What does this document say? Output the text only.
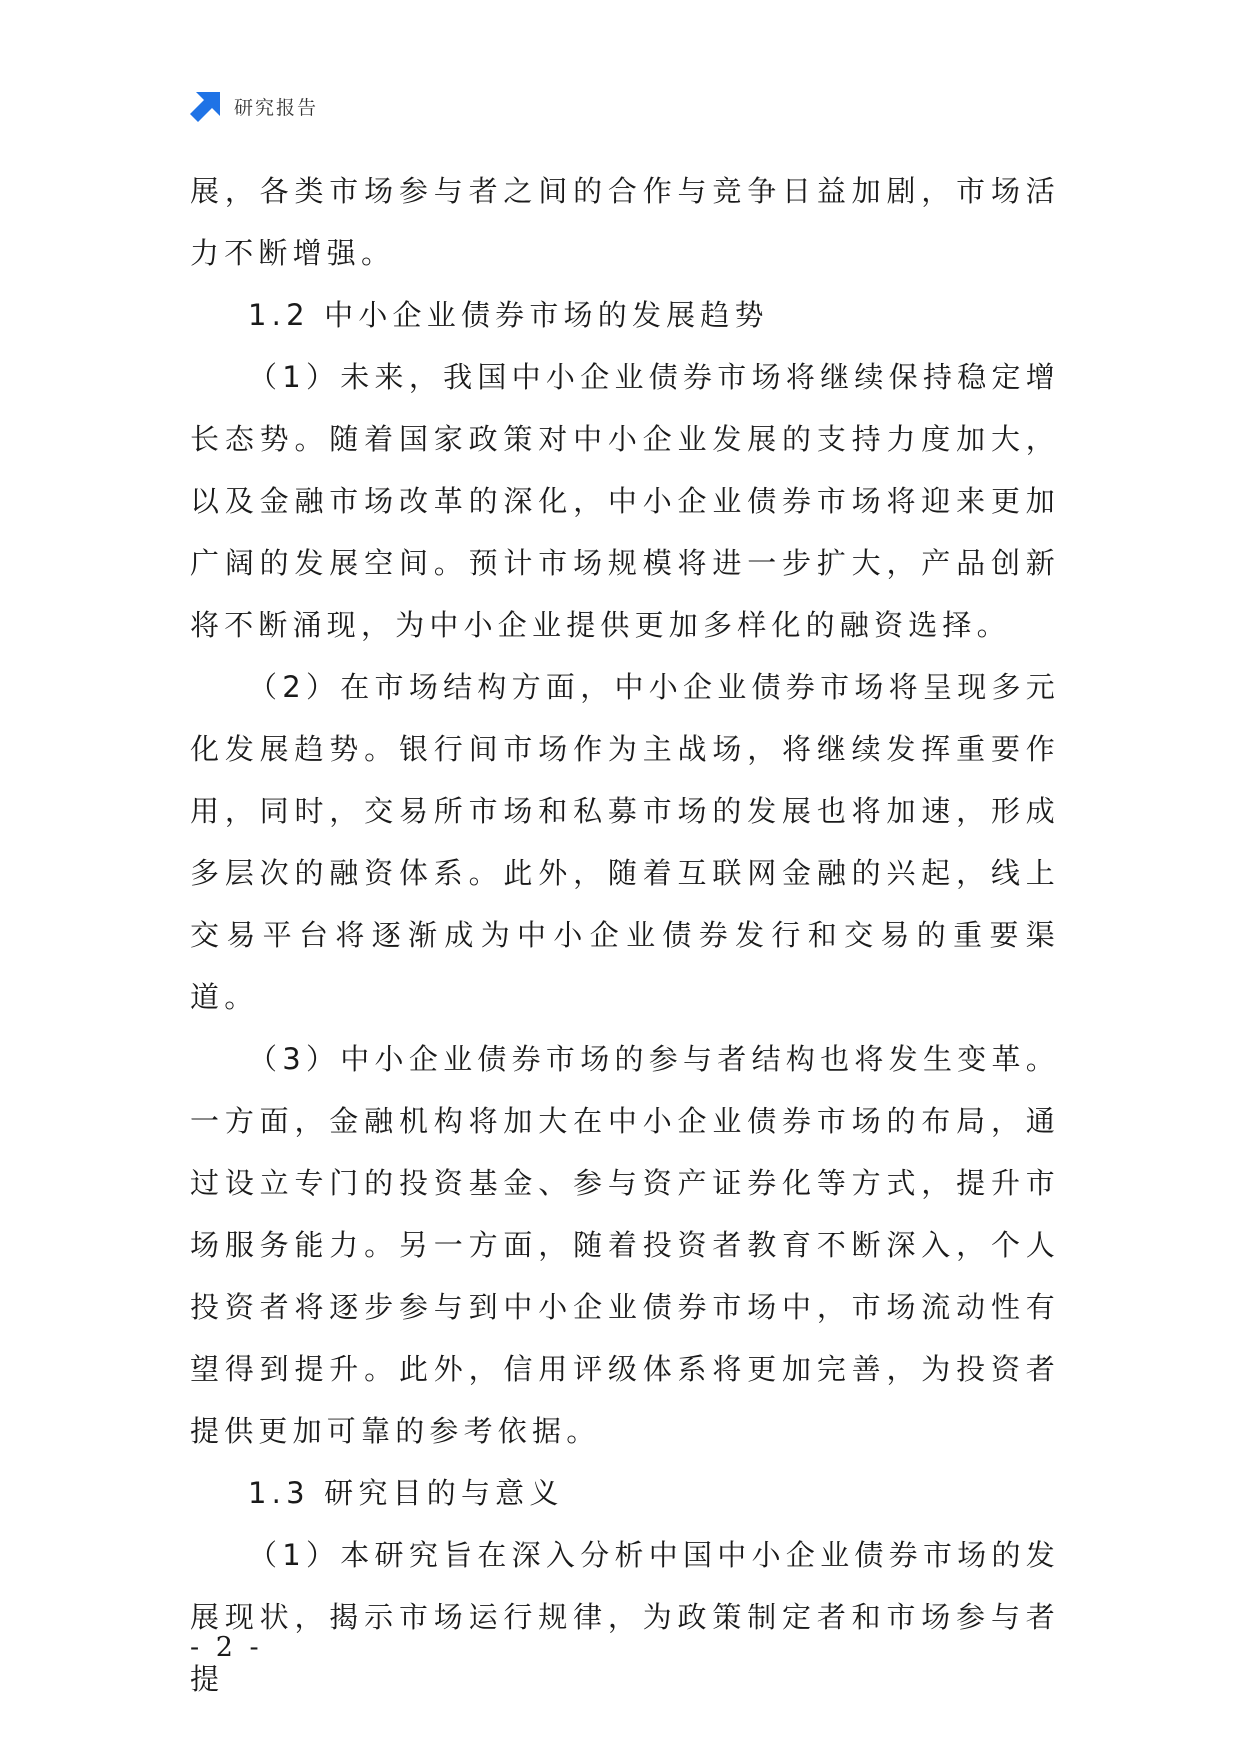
研究报告

展，各类市场参与者之间的合作与竞争日益加剧，市场活力不断增强。

1.2 中小企业债券市场的发展趋势

（1）未来，我国中小企业债券市场将继续保持稳定增长态势。随着国家政策对中小企业发展的支持力度加大，以及金融市场改革的深化，中小企业债券市场将迎来更加广阔的发展空间。预计市场规模将进一步扩大，产品创新将不断涌现，为中小企业提供更加多样化的融资选择。

（2）在市场结构方面，中小企业债券市场将呈现多元化发展趋势。银行间市场作为主战场，将继续发挥重要作用，同时，交易所市场和私募市场的发展也将加速，形成多层次的融资体系。此外，随着互联网金融的兴起，线上交易平台将逐渐成为中小企业债券发行和交易的重要渠道。

（3）中小企业债券市场的参与者结构也将发生变革。一方面，金融机构将加大在中小企业债券市场的布局，通过设立专门的投资基金、参与资产证券化等方式，提升市场服务能力。另一方面，随着投资者教育不断深入，个人投资者将逐步参与到中小企业债券市场中，市场流动性有望得到提升。此外，信用评级体系将更加完善，为投资者提供更加可靠的参考依据。

1.3 研究目的与意义

（1）本研究旨在深入分析中国中小企业债券市场的发展现状，揭示市场运行规律，为政策制定者和市场参与者提

- 2 -
